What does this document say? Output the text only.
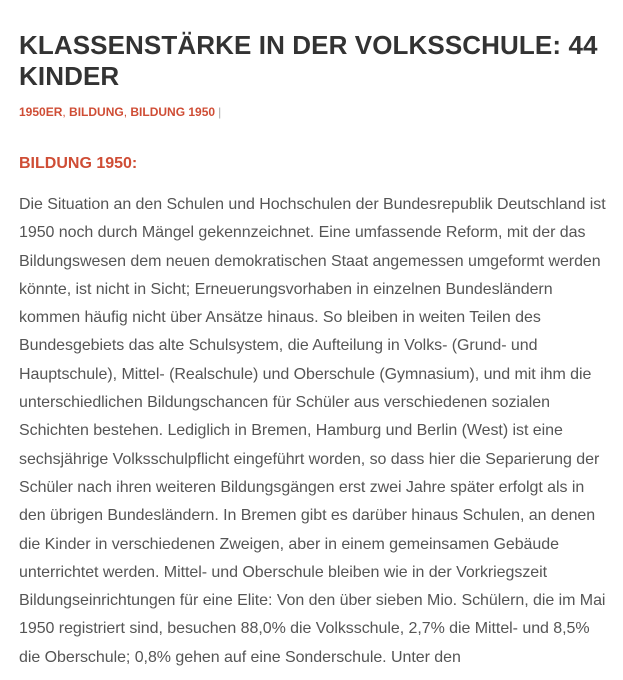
KLASSENSTÄRKE IN DER VOLKSSCHULE: 44 KINDER
1950ER, BILDUNG, BILDUNG 1950 |
BILDUNG 1950:

Die Situation an den Schulen und Hochschulen der Bundesrepublik Deutschland ist 1950 noch durch Mängel gekennzeichnet. Eine umfassende Reform, mit der das Bildungswesen dem neuen demokratischen Staat angemessen umgeformt werden könnte, ist nicht in Sicht; Erneuerungsvorhaben in einzelnen Bundesländern kommen häufig nicht über Ansätze hinaus. So bleiben in weiten Teilen des Bundesgebiets das alte Schulsystem, die Aufteilung in Volks- (Grund- und Hauptschule), Mittel- (Realschule) und Oberschule (Gymnasium), und mit ihm die unterschiedlichen Bildungschancen für Schüler aus verschiedenen sozialen Schichten bestehen. Lediglich in Bremen, Hamburg und Berlin (West) ist eine sechsjährige Volksschulpflicht eingeführt worden, so dass hier die Separierung der Schüler nach ihren weiteren Bildungsgängen erst zwei Jahre später erfolgt als in den übrigen Bundesländern. In Bremen gibt es darüber hinaus Schulen, an denen die Kinder in verschiedenen Zweigen, aber in einem gemeinsamen Gebäude unterrichtet werden. Mittel- und Oberschule bleiben wie in der Vorkriegszeit Bildungseinrichtungen für eine Elite: Von den über sieben Mio. Schülern, die im Mai 1950 registriert sind, besuchen 88,0% die Volksschule, 2,7% die Mittel- und 8,5% die Oberschule; 0,8% gehen auf eine Sonderschule. Unter den
